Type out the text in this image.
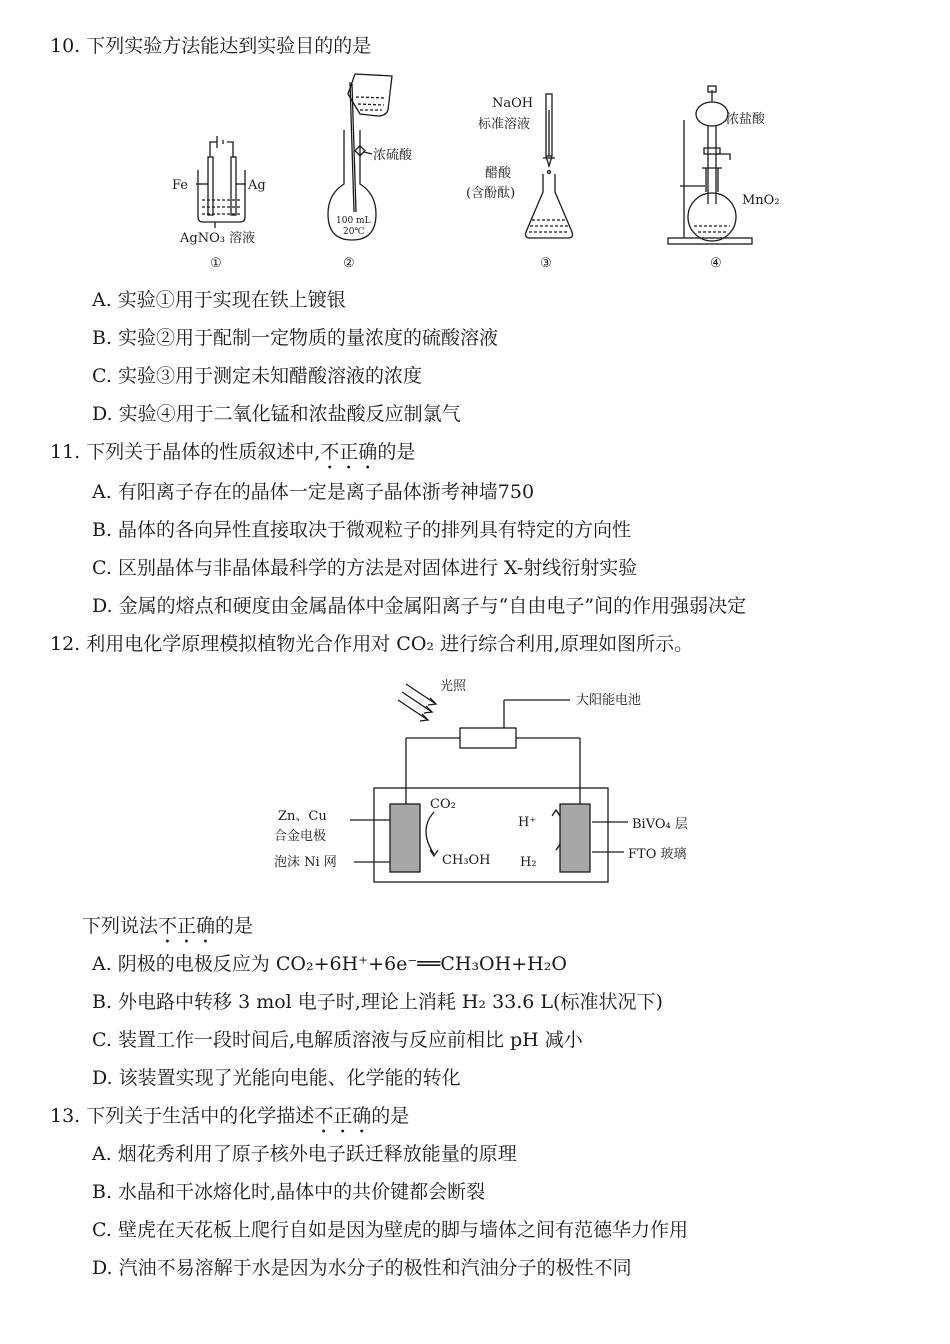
10. 下列实验方法能达到实验目的的是
Fe	Ag
AgNO₃ 溶液
①
浓硫酸
100 mL
20℃
②
NaOH
标准溶液
醋酸
(含酚酞)
③
浓盐酸
MnO₂
④
A. 实验①用于实现在铁上镀银
B. 实验②用于配制一定物质的量浓度的硫酸溶液
C. 实验③用于测定未知醋酸溶液的浓度
D. 实验④用于二氧化锰和浓盐酸反应制氯气
11. 下列关于晶体的性质叙述中,不正确的是
A. 有阳离子存在的晶体一定是离子晶体浙考神墙750
B. 晶体的各向异性直接取决于微观粒子的排列具有特定的方向性
C. 区别晶体与非晶体最科学的方法是对固体进行 X-射线衍射实验
D. 金属的熔点和硬度由金属晶体中金属阳离子与“自由电子”间的作用强弱决定
12. 利用电化学原理模拟植物光合作用对 CO₂ 进行综合利用,原理如图所示。
光照
大阳能电池
Zn、Cu
合金电极
泡沫 Ni 网
CO₂
CH₃OH
H⁺
H₂
BiVO₄ 层
FTO 玻璃
下列说法不正确的是
A. 阴极的电极反应为 CO₂+6H⁺+6e⁻══CH₃OH+H₂O
B. 外电路中转移 3 mol 电子时,理论上消耗 H₂ 33.6 L(标准状况下)
C. 装置工作一段时间后,电解质溶液与反应前相比 pH 减小
D. 该装置实现了光能向电能、化学能的转化
13. 下列关于生活中的化学描述不正确的是
A. 烟花秀利用了原子核外电子跃迁释放能量的原理
B. 水晶和干冰熔化时,晶体中的共价键都会断裂
C. 壁虎在天花板上爬行自如是因为壁虎的脚与墙体之间有范德华力作用
D. 汽油不易溶解于水是因为水分子的极性和汽油分子的极性不同
